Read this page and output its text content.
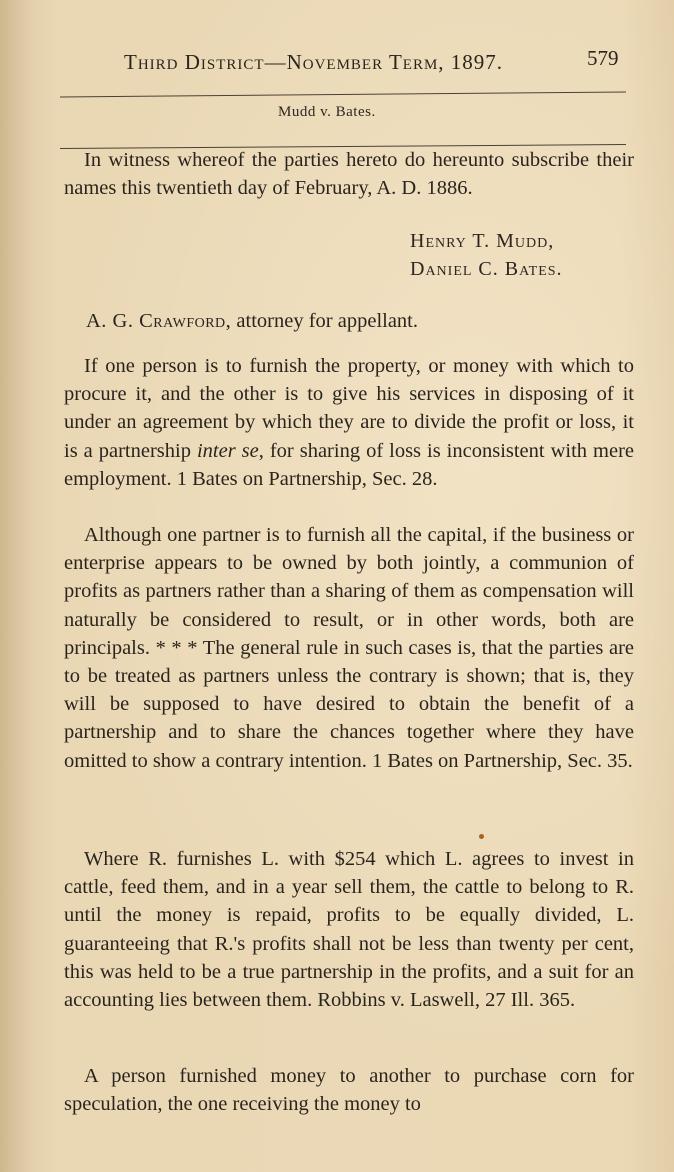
Third District—November Term, 1897.	579
Mudd v. Bates.
In witness whereof the parties hereto do hereunto subscribe their names this twentieth day of February, A. D. 1886.
Henry T. Mudd,
Daniel C. Bates.
A. G. Crawford, attorney for appellant.
If one person is to furnish the property, or money with which to procure it, and the other is to give his services in disposing of it under an agreement by which they are to divide the profit or loss, it is a partnership inter se, for sharing of loss is inconsistent with mere employment. 1 Bates on Partnership, Sec. 28.
Although one partner is to furnish all the capital, if the business or enterprise appears to be owned by both jointly, a communion of profits as partners rather than a sharing of them as compensation will naturally be considered to result, or in other words, both are principals. * * * The general rule in such cases is, that the parties are to be treated as partners unless the contrary is shown; that is, they will be supposed to have desired to obtain the benefit of a partnership and to share the chances together where they have omitted to show a contrary intention. 1 Bates on Partnership, Sec. 35.
Where R. furnishes L. with $254 which L. agrees to invest in cattle, feed them, and in a year sell them, the cattle to belong to R. until the money is repaid, profits to be equally divided, L. guaranteeing that R.'s profits shall not be less than twenty per cent, this was held to be a true partnership in the profits, and a suit for an accounting lies between them. Robbins v. Laswell, 27 Ill. 365.
A person furnished money to another to purchase corn for speculation, the one receiving the money to
